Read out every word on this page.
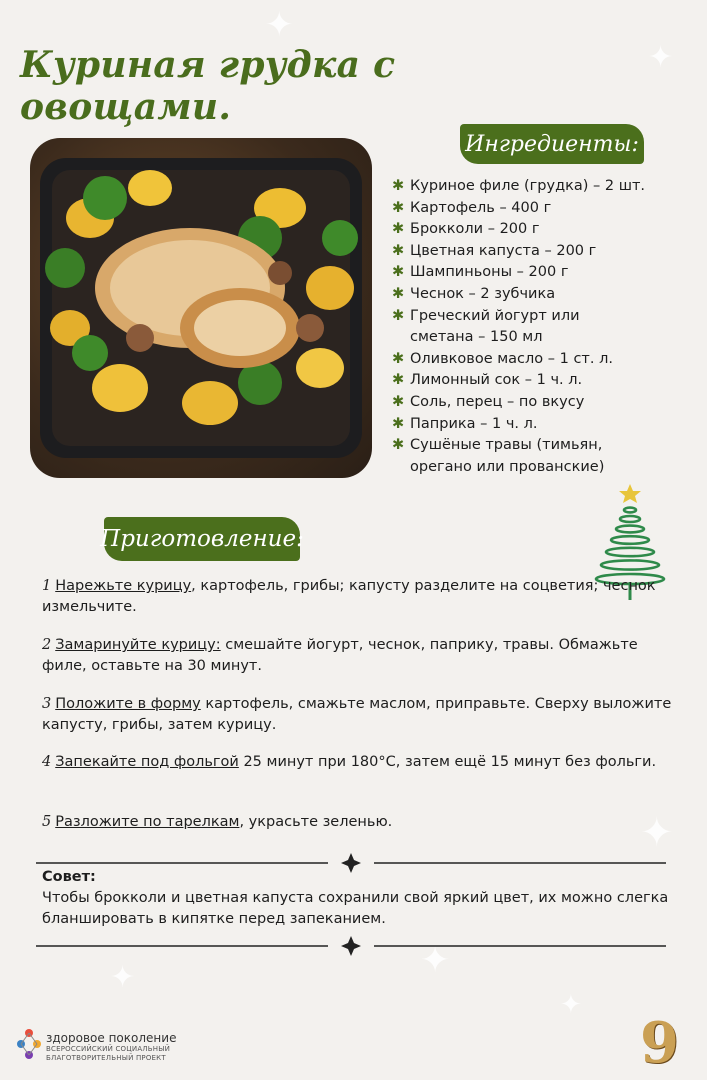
✦
✦
✦
✦
✦
✦
Куриная грудка с овощами.
Ингредиенты:
✱ Куриное филе (грудка) – 2 шт.
✱ Картофель – 400 г
✱ Брокколи – 200 г
✱ Цветная капуста – 200 г
✱ Шампиньоны – 200 г
✱ Чеснок – 2 зубчика
✱ Греческий йогурт или
сметана – 150 мл
✱ Оливковое масло – 1 ст. л.
✱ Лимонный сок – 1 ч. л.
✱ Соль, перец – по вкусу
✱ Паприка – 1 ч. л.
✱ Сушёные травы (тимьян,
орегано или прованские)
Приготовление:

1 Нарежьте курицу, картофель, грибы; капусту разделите на соцветия; чеснок измельчите.

2 Замаринуйте курицу: смешайте йогурт, чеснок, паприку, травы. Обмажьте филе, оставьте на 30 минут.

3 Положите в форму картофель, смажьте маслом, приправьте. Сверху выложите капусту, грибы, затем курицу.

4 Запекайте под фольгой 25 минут при 180°С, затем ещё 15 минут без фольги.

5 Разложите по тарелкам, украсьте зеленью.

Совет:

Чтобы брокколи и цветная капуста сохранили свой яркий цвет, их можно слегка бланшировать в кипятке перед запеканием.

здоровое поколение
ВСЕРОССИЙСКИЙ СОЦИАЛЬНЫЙ
БЛАГОТВОРИТЕЛЬНЫЙ ПРОЕКТ	9
